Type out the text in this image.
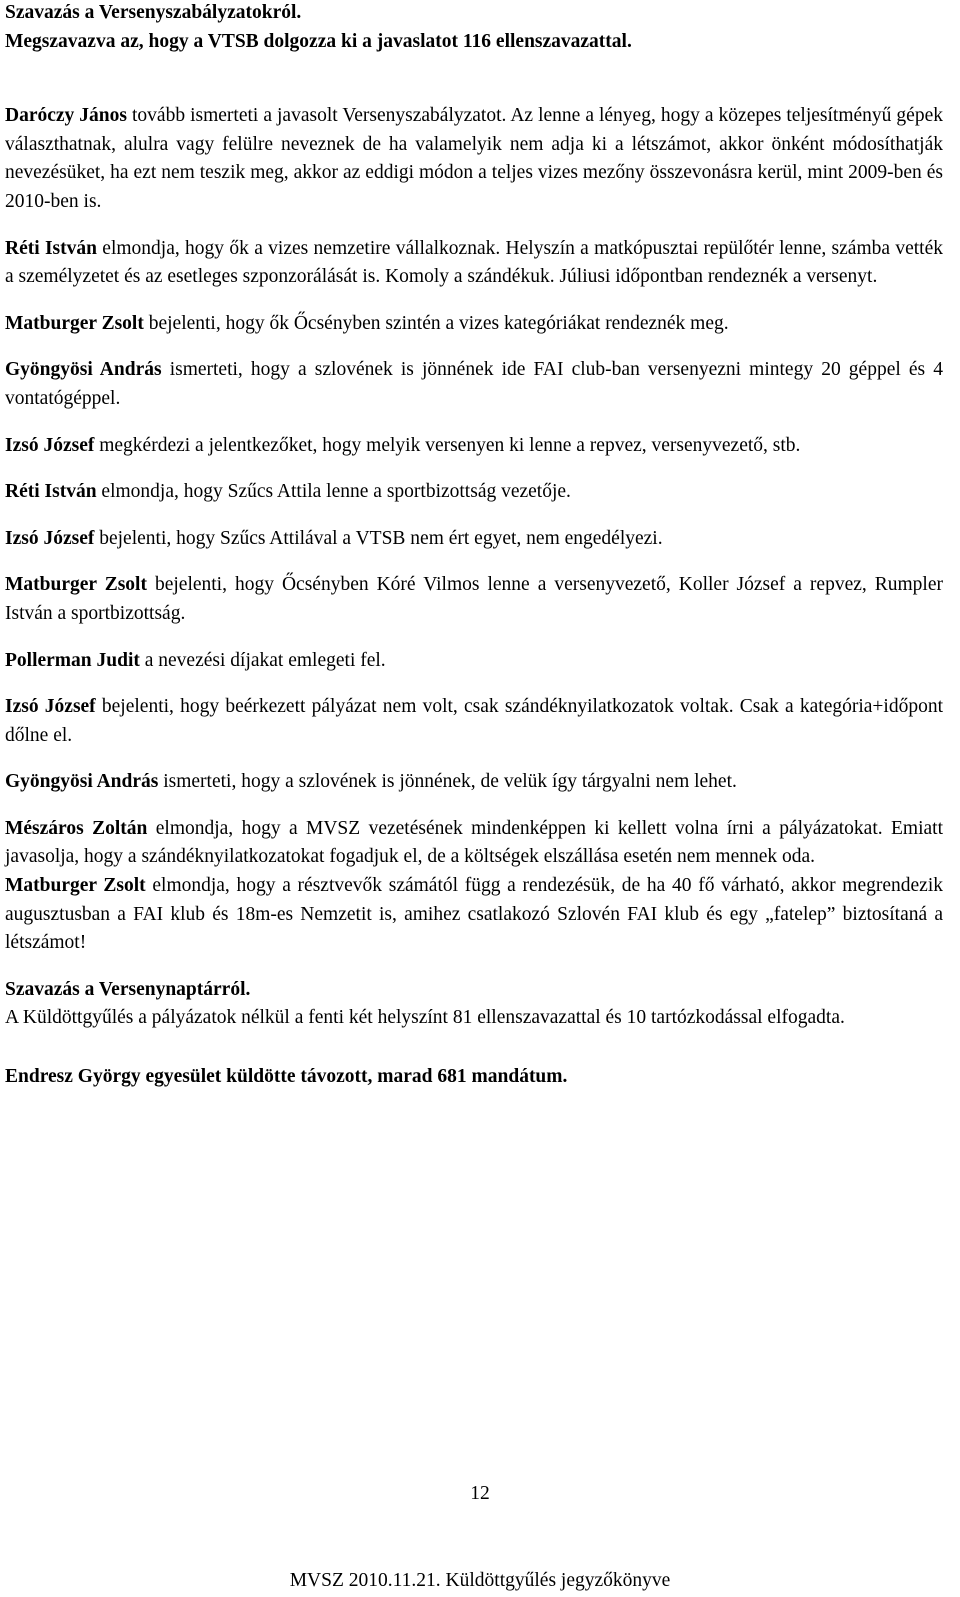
Szavazás a Versenyszabályzatokról.

Megszavazva az, hogy a VTSB dolgozza ki a javaslatot 116 ellenszavazattal.

Daróczy János tovább ismerteti a javasolt Versenyszabályzatot. Az lenne a lényeg, hogy a közepes teljesítményű gépek választhatnak, alulra vagy felülre neveznek de ha valamelyik nem adja ki a létszámot, akkor önként módosíthatják nevezésüket, ha ezt nem teszik meg, akkor az eddigi módon a teljes vizes mezőny összevonásra kerül, mint 2009-ben és 2010-ben is.

Réti István elmondja, hogy ők a vizes nemzetire vállalkoznak. Helyszín a matkópusztai repülőtér lenne, számba vették a személyzetet és az esetleges szponzorálását is. Komoly a szándékuk. Júliusi időpontban rendeznék a versenyt.

Matburger Zsolt bejelenti, hogy ők Őcsényben szintén a vizes kategóriákat rendeznék meg.

Gyöngyösi András ismerteti, hogy a szlovének is jönnének ide FAI club-ban versenyezni mintegy 20 géppel és 4 vontatógéppel.

Izsó József megkérdezi a jelentkezőket, hogy melyik versenyen ki lenne a repvez, versenyvezető, stb.

Réti István elmondja, hogy Szűcs Attila lenne a sportbizottság vezetője.

Izsó József bejelenti, hogy Szűcs Attilával a VTSB nem ért egyet, nem engedélyezi.

Matburger Zsolt bejelenti, hogy Őcsényben Kóré Vilmos lenne a versenyvezető, Koller József a repvez, Rumpler István a sportbizottság.

Pollerman Judit a nevezési díjakat emlegeti fel.

Izsó József bejelenti, hogy beérkezett pályázat nem volt, csak szándéknyilatkozatok voltak. Csak a kategória+időpont dőlne el.

Gyöngyösi András ismerteti, hogy a szlovének is jönnének, de velük így tárgyalni nem lehet.

Mészáros Zoltán elmondja, hogy a MVSZ vezetésének mindenképpen ki kellett volna írni a pályázatokat. Emiatt javasolja, hogy a szándéknyilatkozatokat fogadjuk el, de a költségek elszállása esetén nem mennek oda.

Matburger Zsolt elmondja, hogy a résztvevők számától függ a rendezésük, de ha 40 fő várható, akkor megrendezik augusztusban a FAI klub és 18m-es Nemzetit is, amihez csatlakozó Szlovén FAI klub és egy „fatelep” biztosítaná a létszámot!

Szavazás a Versenynaptárról.

A Küldöttgyűlés a pályázatok nélkül a fenti két helyszínt 81 ellenszavazattal és 10 tartózkodással elfogadta.

Endresz György egyesület küldötte távozott, marad 681 mandátum.

12
MVSZ 2010.11.21. Küldöttgyűlés jegyzőkönyve
